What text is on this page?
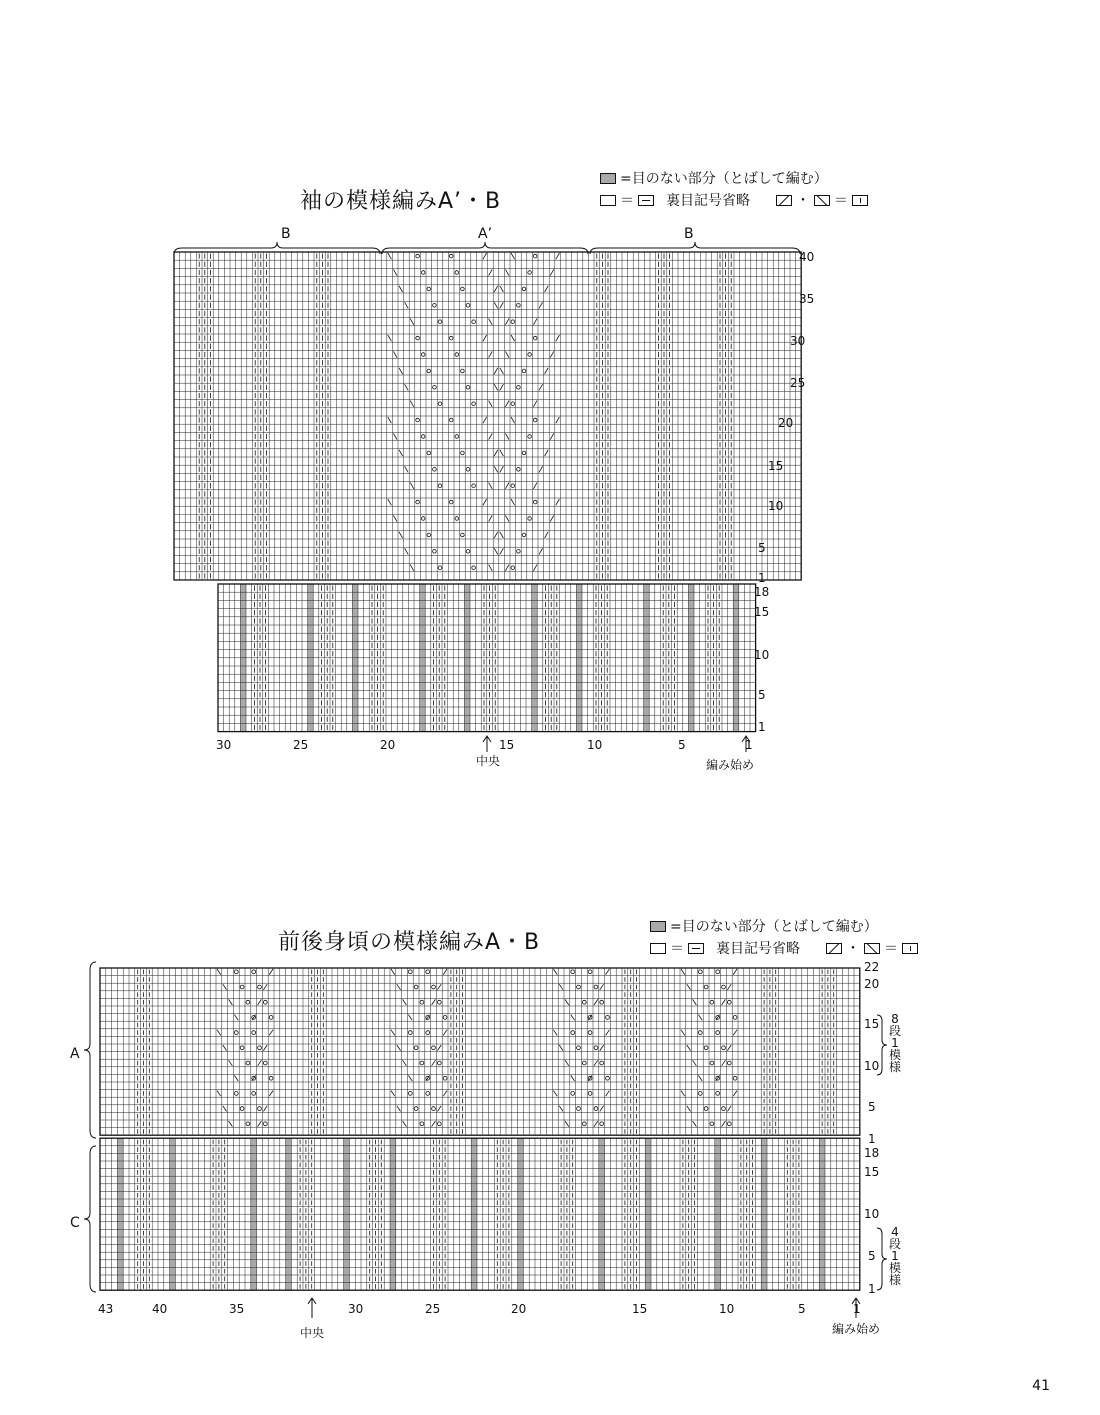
袖の模様編みA’・B
=目のない部分（とばして編む）
＝ 裏目記号省略	・ ＝
B	A’	B
40
35
30
25
20
15
10
5
1
18
15
10
5
1
30	25	20	15	10	5	1
中央	編み始め
前後身頃の模様編みA・B
=目のない部分（とばして編む）
＝ 裏目記号省略	・ ＝
A
C
22
20
15
10
5
1
18
15
10
5
1
8段1模様
4段1模様
43	40	35	30	25	20	15	10	5	1
中央	編み始め
41
